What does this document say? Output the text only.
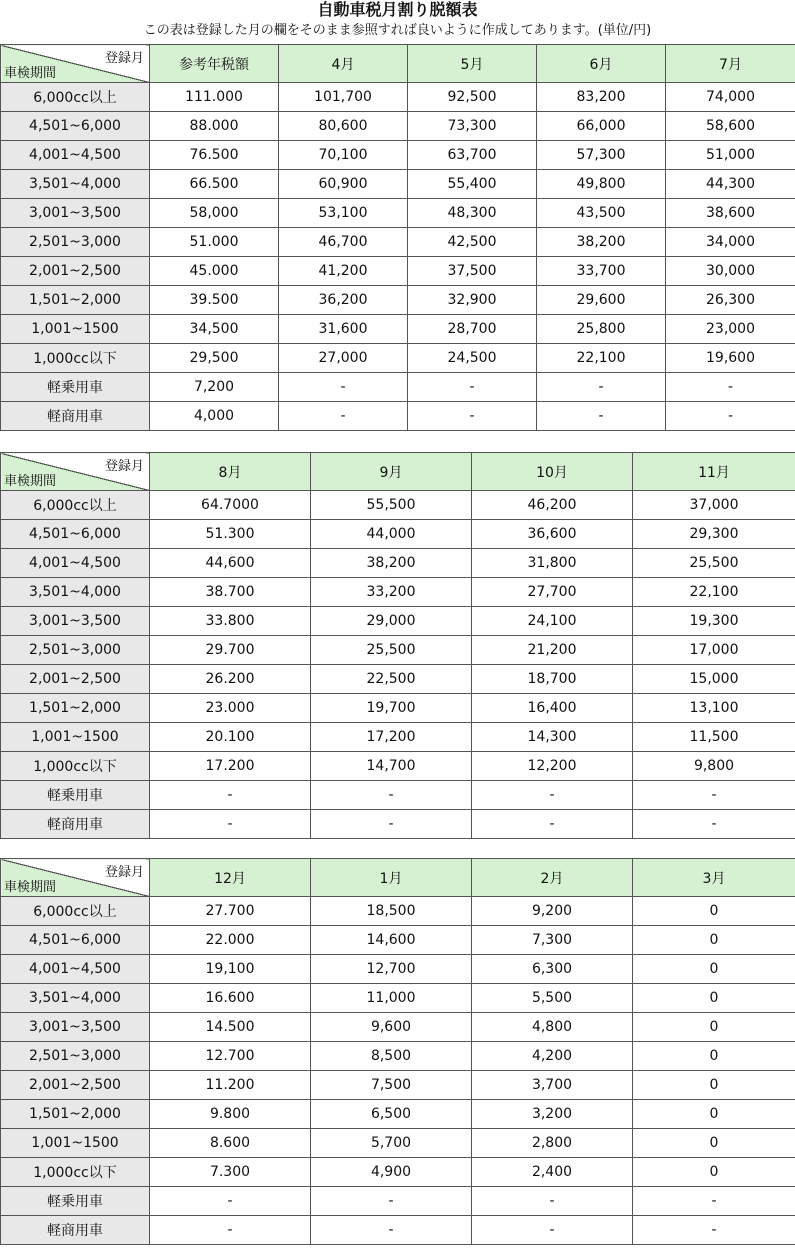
自動車税月割り脱額表
この表は登録した月の欄をそのまま参照すれば良いように作成してあります。(単位/円)
登録月
車検期間	参考年税額	4月	5月	6月	7月
6,000cc以上	111.000	101,700	92,500	83,200	74,000
4,501~6,000	88.000	80,600	73,300	66,000	58,600
4,001~4,500	76.500	70,100	63,700	57,300	51,000
3,501~4,000	66.500	60,900	55,400	49,800	44,300
3,001~3,500	58,000	53,100	48,300	43,500	38,600
2,501~3,000	51.000	46,700	42,500	38,200	34,000
2,001~2,500	45.000	41,200	37,500	33,700	30,000
1,501~2,000	39.500	36,200	32,900	29,600	26,300
1,001~1500	34,500	31,600	28,700	25,800	23,000
1,000cc以下	29,500	27,000	24,500	22,100	19,600
軽乗用車	7,200	-	-	-	-
軽商用車	4,000	-	-	-	-
登録月
車検期間	8月	9月	10月	11月
6,000cc以上	64.7000	55,500	46,200	37,000
4,501~6,000	51.300	44,000	36,600	29,300
4,001~4,500	44,600	38,200	31,800	25,500
3,501~4,000	38.700	33,200	27,700	22,100
3,001~3,500	33.800	29,000	24,100	19,300
2,501~3,000	29.700	25,500	21,200	17,000
2,001~2,500	26.200	22,500	18,700	15,000
1,501~2,000	23.000	19,700	16,400	13,100
1,001~1500	20.100	17,200	14,300	11,500
1,000cc以下	17.200	14,700	12,200	9,800
軽乗用車	-	-	-	-
軽商用車	-	-	-	-
登録月
車検期間	12月	1月	2月	3月
6,000cc以上	27.700	18,500	9,200	0
4,501~6,000	22.000	14,600	7,300	0
4,001~4,500	19,100	12,700	6,300	0
3,501~4,000	16.600	11,000	5,500	0
3,001~3,500	14.500	9,600	4,800	0
2,501~3,000	12.700	8,500	4,200	0
2,001~2,500	11.200	7,500	3,700	0
1,501~2,000	9.800	6,500	3,200	0
1,001~1500	8.600	5,700	2,800	0
1,000cc以下	7.300	4,900	2,400	0
軽乗用車	-	-	-	-
軽商用車	-	-	-	-
